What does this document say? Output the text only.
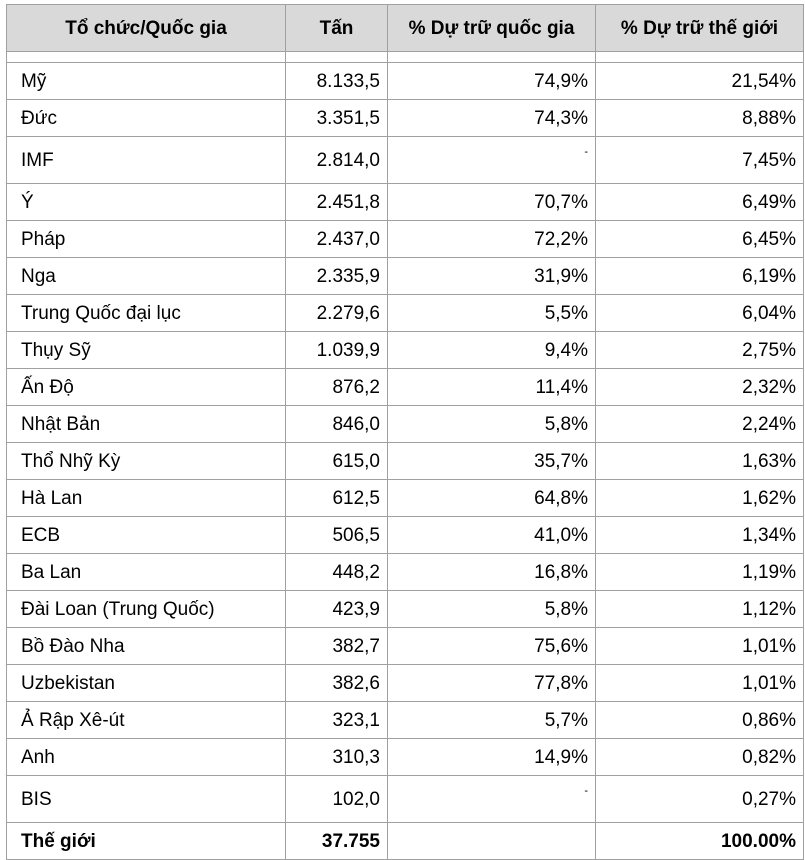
Tổ chức/Quốc gia	Tấn	% Dự trữ quốc gia	% Dự trữ thế giới

Mỹ	8.133,5	74,9%	21,54%
Đức	3.351,5	74,3%	8,88%
IMF	2.814,0	-	7,45%
Ý	2.451,8	70,7%	6,49%
Pháp	2.437,0	72,2%	6,45%
Nga	2.335,9	31,9%	6,19%
Trung Quốc đại lục	2.279,6	5,5%	6,04%
Thụy Sỹ	1.039,9	9,4%	2,75%
Ấn Độ	876,2	11,4%	2,32%
Nhật Bản	846,0	5,8%	2,24%
Thổ Nhỹ Kỳ	615,0	35,7%	1,63%
Hà Lan	612,5	64,8%	1,62%
ECB	506,5	41,0%	1,34%
Ba Lan	448,2	16,8%	1,19%
Đài Loan (Trung Quốc)	423,9	5,8%	1,12%
Bồ Đào Nha	382,7	75,6%	1,01%
Uzbekistan	382,6	77,8%	1,01%
Ả Rập Xê-út	323,1	5,7%	0,86%
Anh	310,3	14,9%	0,82%
BIS	102,0	-	0,27%
Thế giới	37.755		100.00%
